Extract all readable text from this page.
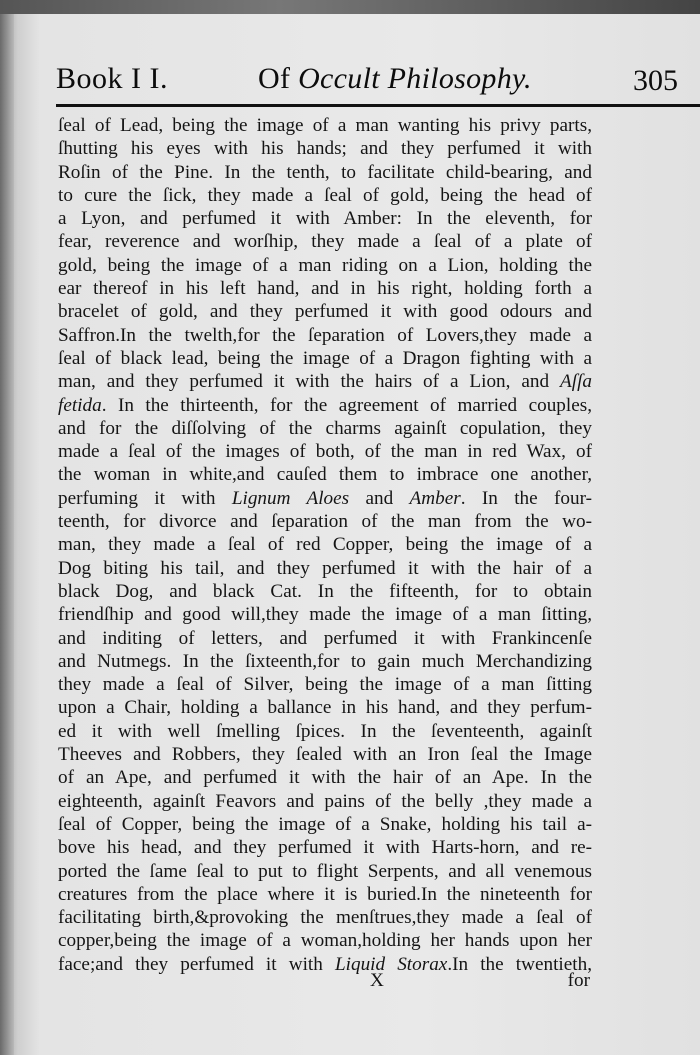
Book I I.	Of Occult Philosophy.	305
ſeal of Lead, being the image of a man wanting his privy parts,
ſhutting his eyes with his hands; and they perfumed it with
Roſin of the Pine. In the tenth, to facilitate child-bearing, and
to cure the ſick, they made a ſeal of gold, being the head of
a Lyon, and perfumed it with Amber: In the eleventh, for
fear, reverence and worſhip, they made a ſeal of a plate of
gold, being the image of a man riding on a Lion, holding the
ear thereof in his left hand, and in his right, holding forth a
bracelet of gold, and they perfumed it with good odours and
Saffron.In the twelth,for the ſeparation of Lovers,they made a
ſeal of black lead, being the image of a Dragon fighting with a
man, and they perfumed it with the hairs of a Lion, and Aſſa
fetida. In the thirteenth, for the agreement of married couples,
and for the diſſolving of the charms againſt copulation, they
made a ſeal of the images of both, of the man in red Wax, of
the woman in white,and cauſed them to imbrace one another,
perfuming it with Lignum Aloes and Amber. In the four-
teenth, for divorce and ſeparation of the man from the wo-
man, they made a ſeal of red Copper, being the image of a
Dog biting his tail, and they perfumed it with the hair of a
black Dog, and black Cat. In the fifteenth, for to obtain
friendſhip and good will,they made the image of a man ſitting,
and inditing of letters, and perfumed it with Frankincenſe
and Nutmegs. In the ſixteenth,for to gain much Merchandizing
they made a ſeal of Silver, being the image of a man ſitting
upon a Chair, holding a ballance in his hand, and they perfum-
ed it with well ſmelling ſpices. In the ſeventeenth, againſt
Theeves and Robbers, they ſealed with an Iron ſeal the Image
of an Ape, and perfumed it with the hair of an Ape. In the
eighteenth, againſt Feavors and pains of the belly ,they made a
ſeal of Copper, being the image of a Snake, holding his tail a-
bove his head, and they perfumed it with Harts-horn, and re-
ported the ſame ſeal to put to flight Serpents, and all venemous
creatures from the place where it is buried.In the nineteenth for
facilitating birth,&provoking the menſtrues,they made a ſeal of
copper,being the image of a woman,holding her hands upon her
face;and they perfumed it with Liquid Storax.In the twentieth,
X	for
